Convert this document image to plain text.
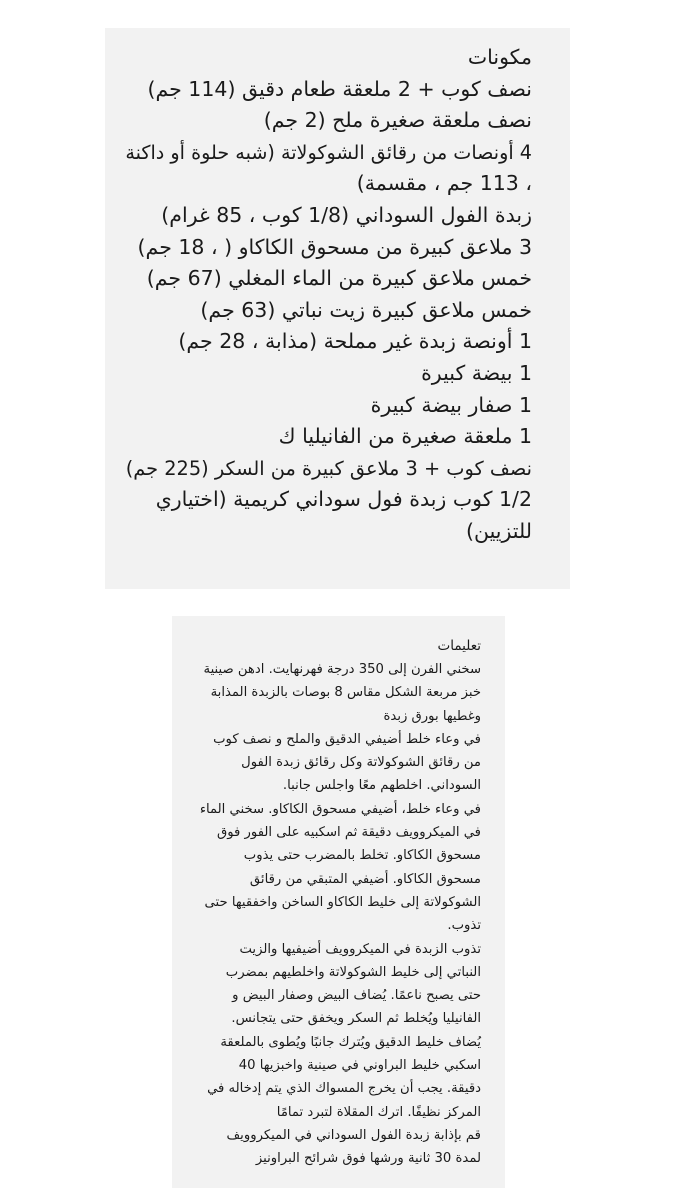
مكونات
نصف كوب + 2 ملعقة طعام دقيق (114 جم)
نصف ملعقة صغيرة ملح (2 جم)
4 أونصات من رقائق الشوكولاتة (شبه حلوة أو داكنة
، 113 جم ، مقسمة)
زبدة الفول السوداني (1/8 كوب ، 85 غرام)
3 ملاعق كبيرة من مسحوق الكاكاو ( ، 18 جم)
خمس ملاعق كبيرة من الماء المغلي (67 جم)
خمس ملاعق كبيرة زيت نباتي (63 جم)
1 أونصة زبدة غير مملحة (مذابة ، 28 جم)
1 بيضة كبيرة
1 صفار بيضة كبيرة
1 ملعقة صغيرة من الفانيليا ك
نصف كوب + 3 ملاعق كبيرة من السكر (225 جم)
1/2 كوب زبدة فول سوداني كريمية (اختياري
للتزيين)
تعليمات
سخني الفرن إلى 350 درجة فهرنهايت. ادهن صينية
خبز مربعة الشكل مقاس 8 بوصات بالزبدة المذابة
وغطيها بورق زبدة
في وعاء خلط أضيفي الدقيق والملح و نصف كوب
من رقائق الشوكولاتة وكل رقائق زبدة الفول
السوداني. اخلطهم معًا واجلس جانبا.
في وعاء خلط، أضيفي مسحوق الكاكاو. سخني الماء
في الميكروويف دقيقة ثم اسكبيه على الفور فوق
مسحوق الكاكاو. تخلط بالمضرب حتى يذوب
مسحوق الكاكاو. أضيفي المتبقي من رقائق
الشوكولاتة إلى خليط الكاكاو الساخن واخفقيها حتى
تذوب.
تذوب الزبدة في الميكروويف أضيفيها والزيت
النباتي إلى خليط الشوكولاتة واخلطيهم بمضرب
حتى يصبح ناعمًا. يُضاف البيض وصفار البيض و
الفانيليا ويُخلط ثم السكر ويخفق حتى يتجانس.
يُضاف خليط الدقيق ويُترك جانبًا ويُطوى بالملعقة
اسكبي خليط البراوني في صينية واخبزيها 40
دقيقة. يجب أن يخرج المسواك الذي يتم إدخاله في
المركز نظيفًا. اترك المقلاة لتبرد تمامًا
قم بإذابة زبدة الفول السوداني في الميكروويف
لمدة 30 ثانية ورشها فوق شرائح البراونيز
